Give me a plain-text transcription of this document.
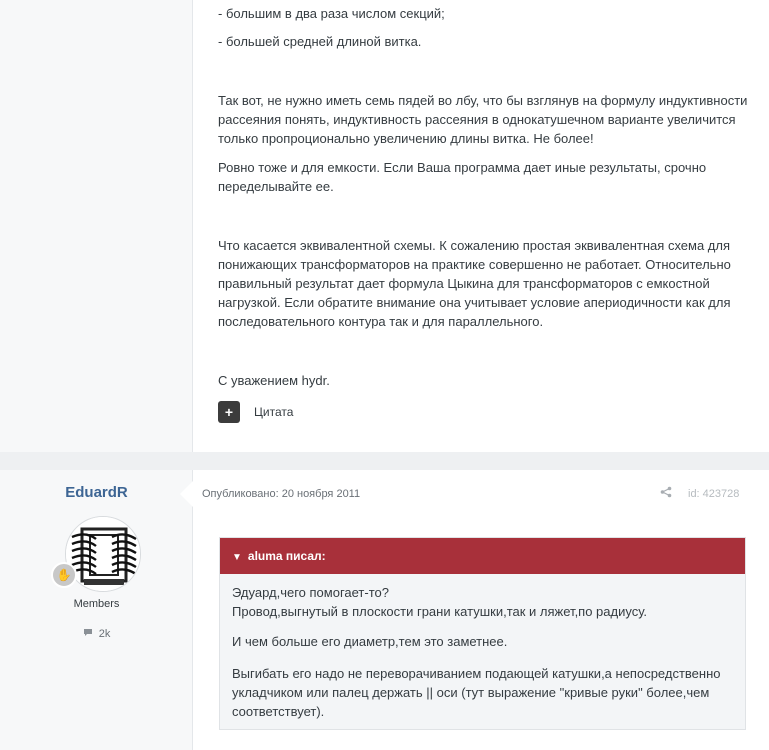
- большим в два раза числом секций;
- большей средней длиной витка.
Так вот, не нужно иметь семь пядей во лбу, что бы взглянув на формулу индуктивности рассеяния понять, индуктивность рассеяния в однокатушечном варианте увеличится только пропроционально увеличению длины витка. Не более!
Ровно тоже и для емкости. Если Ваша программа дает иные результаты, срочно переделывайте ее.
Что касается эквивалентной схемы. К сожалению простая эквивалентная схема для понижающих трансформаторов на практике совершенно не работает. Относительно правильный результат дает формула Цыкина для трансформаторов с емкостной нагрузкой. Если обратите внимание она учитывает условие апериодичности как для последовательного контура так и для параллельного.
С уважением hydr.
+	Цитата
EduardR
✋
Members
2k
Опубликовано: 20 ноября 2011	id: 423728
▼ aluma писал:
Эдуард,чего помогает-то?
Провод,выгнутый в плоскости грани катушки,так и ляжет,по радиусу.
И чем больше его диаметр,тем это заметнее.
Выгибать его надо не переворачиванием подающей катушки,а непосредственно укладчиком или палец держать || оси (тут выражение "кривые руки" более,чем соответствует).
